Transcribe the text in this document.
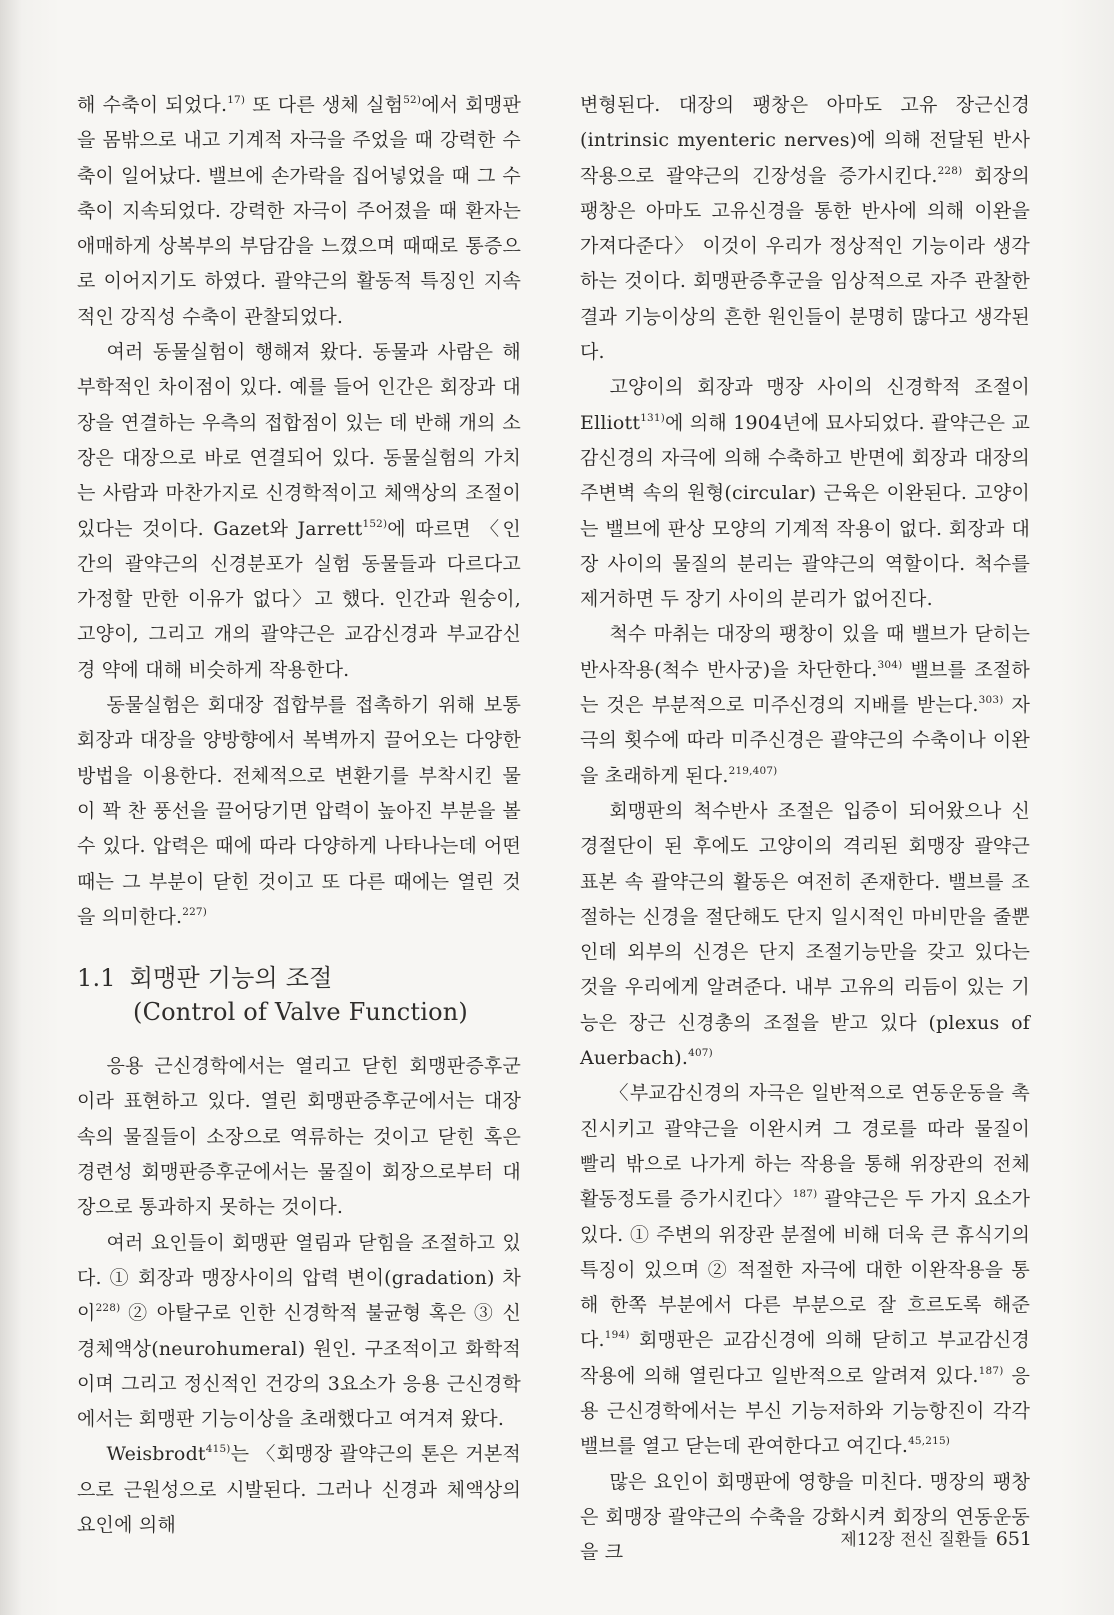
해 수축이 되었다.$^{17)}$ 또 다른 생체 실험$^{52)}$에서 회맹판을 몸밖으로 내고 기계적 자극을 주었을 때 강력한 수축이 일어났다. 밸브에 손가락을 집어넣었을 때 그 수축이 지속되었다. 강력한 자극이 주어졌을 때 환자는 애매하게 상복부의 부담감을 느꼈으며 때때로 통증으로 이어지기도 하였다. 괄약근의 활동적 특징인 지속적인 강직성 수축이 관찰되었다.

여러 동물실험이 행해져 왔다. 동물과 사람은 해부학적인 차이점이 있다. 예를 들어 인간은 회장과 대장을 연결하는 우측의 접합점이 있는 데 반해 개의 소장은 대장으로 바로 연결되어 있다. 동물실험의 가치는 사람과 마찬가지로 신경학적이고 체액상의 조절이 있다는 것이다. Gazet와 Jarrett$^{152)}$에 따르면 〈인간의 괄약근의 신경분포가 실험 동물들과 다르다고 가정할 만한 이유가 없다〉고 했다. 인간과 원숭이, 고양이, 그리고 개의 괄약근은 교감신경과 부교감신경 약에 대해 비슷하게 작용한다.

동물실험은 회대장 접합부를 접촉하기 위해 보통 회장과 대장을 양방향에서 복벽까지 끌어오는 다양한 방법을 이용한다. 전체적으로 변환기를 부착시킨 물이 꽉 찬 풍선을 끌어당기면 압력이 높아진 부분을 볼 수 있다. 압력은 때에 따라 다양하게 나타나는데 어떤 때는 그 부분이 닫힌 것이고 또 다른 때에는 열린 것을 의미한다.$^{227)}$

1.1 회맹판 기능의 조절
(Control of Valve Function)

응용 근신경학에서는 열리고 닫힌 회맹판증후군이라 표현하고 있다. 열린 회맹판증후군에서는 대장 속의 물질들이 소장으로 역류하는 것이고 닫힌 혹은 경련성 회맹판증후군에서는 물질이 회장으로부터 대장으로 통과하지 못하는 것이다.

여러 요인들이 회맹판 열림과 닫힘을 조절하고 있다. ① 회장과 맹장사이의 압력 변이(gradation) 차이$^{228)}$ ② 아탈구로 인한 신경학적 불균형 혹은 ③ 신경체액상(neurohumeral) 원인. 구조적이고 화학적이며 그리고 정신적인 건강의 3요소가 응용 근신경학에서는 회맹판 기능이상을 초래했다고 여겨져 왔다.

Weisbrodt$^{415)}$는 〈회맹장 괄약근의 톤은 거본적으로 근원성으로 시발된다. 그러나 신경과 체액상의 요인에 의해

변형된다. 대장의 팽창은 아마도 고유 장근신경(intrinsic myenteric nerves)에 의해 전달된 반사작용으로 괄약근의 긴장성을 증가시킨다.$^{228)}$ 회장의 팽창은 아마도 고유신경을 통한 반사에 의해 이완을 가져다준다〉 이것이 우리가 정상적인 기능이라 생각하는 것이다. 회맹판증후군을 임상적으로 자주 관찰한 결과 기능이상의 흔한 원인들이 분명히 많다고 생각된다.

고양이의 회장과 맹장 사이의 신경학적 조절이 Elliott$^{131)}$에 의해 1904년에 묘사되었다. 괄약근은 교감신경의 자극에 의해 수축하고 반면에 회장과 대장의 주변벽 속의 원형(circular) 근육은 이완된다. 고양이는 밸브에 판상 모양의 기계적 작용이 없다. 회장과 대장 사이의 물질의 분리는 괄약근의 역할이다. 척수를 제거하면 두 장기 사이의 분리가 없어진다.

척수 마취는 대장의 팽창이 있을 때 밸브가 닫히는 반사작용(척수 반사궁)을 차단한다.$^{304)}$ 밸브를 조절하는 것은 부분적으로 미주신경의 지배를 받는다.$^{303)}$ 자극의 횟수에 따라 미주신경은 괄약근의 수축이나 이완을 초래하게 된다.$^{219,407)}$

회맹판의 척수반사 조절은 입증이 되어왔으나 신경절단이 된 후에도 고양이의 격리된 회맹장 괄약근 표본 속 괄약근의 활동은 여전히 존재한다. 밸브를 조절하는 신경을 절단해도 단지 일시적인 마비만을 줄뿐인데 외부의 신경은 단지 조절기능만을 갖고 있다는 것을 우리에게 알려준다. 내부 고유의 리듬이 있는 기능은 장근 신경총의 조절을 받고 있다 (plexus of Auerbach).$^{407)}$

〈부교감신경의 자극은 일반적으로 연동운동을 촉진시키고 괄약근을 이완시켜 그 경로를 따라 물질이 빨리 밖으로 나가게 하는 작용을 통해 위장관의 전체 활동정도를 증가시킨다〉$^{187)}$ 괄약근은 두 가지 요소가 있다. ① 주변의 위장관 분절에 비해 더욱 큰 휴식기의 특징이 있으며 ② 적절한 자극에 대한 이완작용을 통해 한쪽 부분에서 다른 부분으로 잘 흐르도록 해준다.$^{194)}$ 회맹판은 교감신경에 의해 닫히고 부교감신경 작용에 의해 열린다고 일반적으로 알려져 있다.$^{187)}$ 응용 근신경학에서는 부신 기능저하와 기능항진이 각각 밸브를 열고 닫는데 관여한다고 여긴다.$^{45,215)}$

많은 요인이 회맹판에 영향을 미친다. 맹장의 팽창은 회맹장 괄약근의 수축을 강화시켜 회장의 연동운동을 크

제12장 전신 질환들 651
